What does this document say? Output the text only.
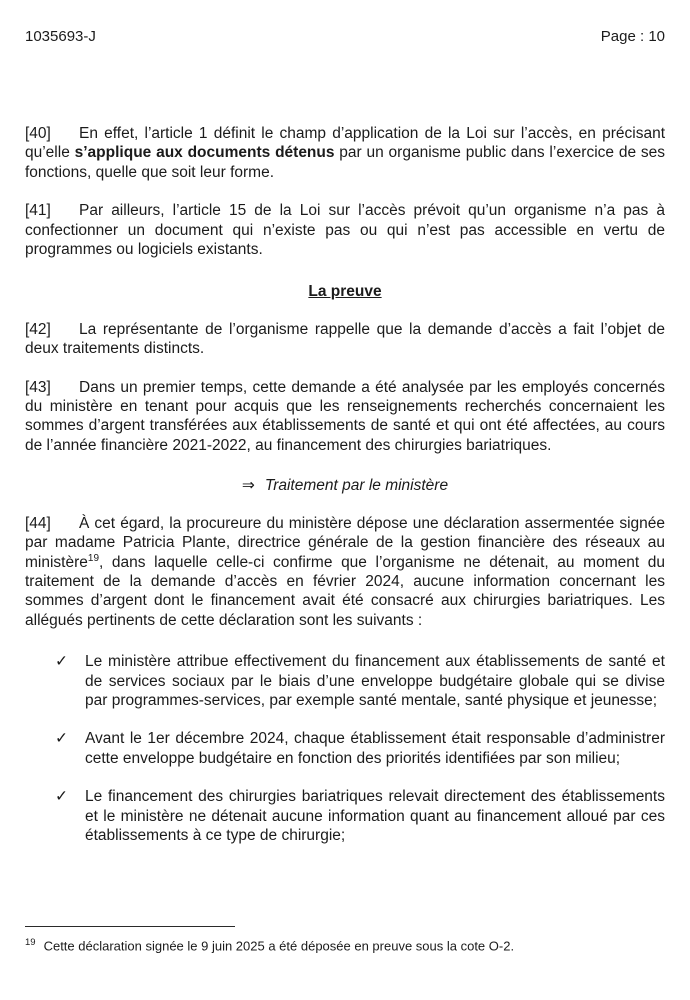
1035693-J	Page : 10

[40] En effet, l’article 1 définit le champ d’application de la Loi sur l’accès, en précisant qu’elle s’applique aux documents détenus par un organisme public dans l’exercice de ses fonctions, quelle que soit leur forme.

[41] Par ailleurs, l’article 15 de la Loi sur l’accès prévoit qu’un organisme n’a pas à confectionner un document qui n’existe pas ou qui n’est pas accessible en vertu de programmes ou logiciels existants.

La preuve

[42] La représentante de l’organisme rappelle que la demande d’accès a fait l’objet de deux traitements distincts.

[43] Dans un premier temps, cette demande a été analysée par les employés concernés du ministère en tenant pour acquis que les renseignements recherchés concernaient les sommes d’argent transférées aux établissements de santé et qui ont été affectées, au cours de l’année financière 2021-2022, au financement des chirurgies bariatriques.

⇒ Traitement par le ministère

[44] À cet égard, la procureure du ministère dépose une déclaration assermentée signée par madame Patricia Plante, directrice générale de la gestion financière des réseaux au ministère$^{19}$, dans laquelle celle-ci confirme que l’organisme ne détenait, au moment du traitement de la demande d’accès en février 2024, aucune information concernant les sommes d’argent dont le financement avait été consacré aux chirurgies bariatriques. Les allégués pertinents de cette déclaration sont les suivants :

✓	Le ministère attribue effectivement du financement aux établissements de santé et de services sociaux par le biais d’une enveloppe budgétaire globale qui se divise par programmes-services, par exemple santé mentale, santé physique et jeunesse;
✓	Avant le 1er décembre 2024, chaque établissement était responsable d’administrer cette enveloppe budgétaire en fonction des priorités identifiées par son milieu;
✓	Le financement des chirurgies bariatriques relevait directement des établissements et le ministère ne détenait aucune information quant au financement alloué par ces établissements à ce type de chirurgie;
$^{19}$ Cette déclaration signée le 9 juin 2025 a été déposée en preuve sous la cote O-2.
